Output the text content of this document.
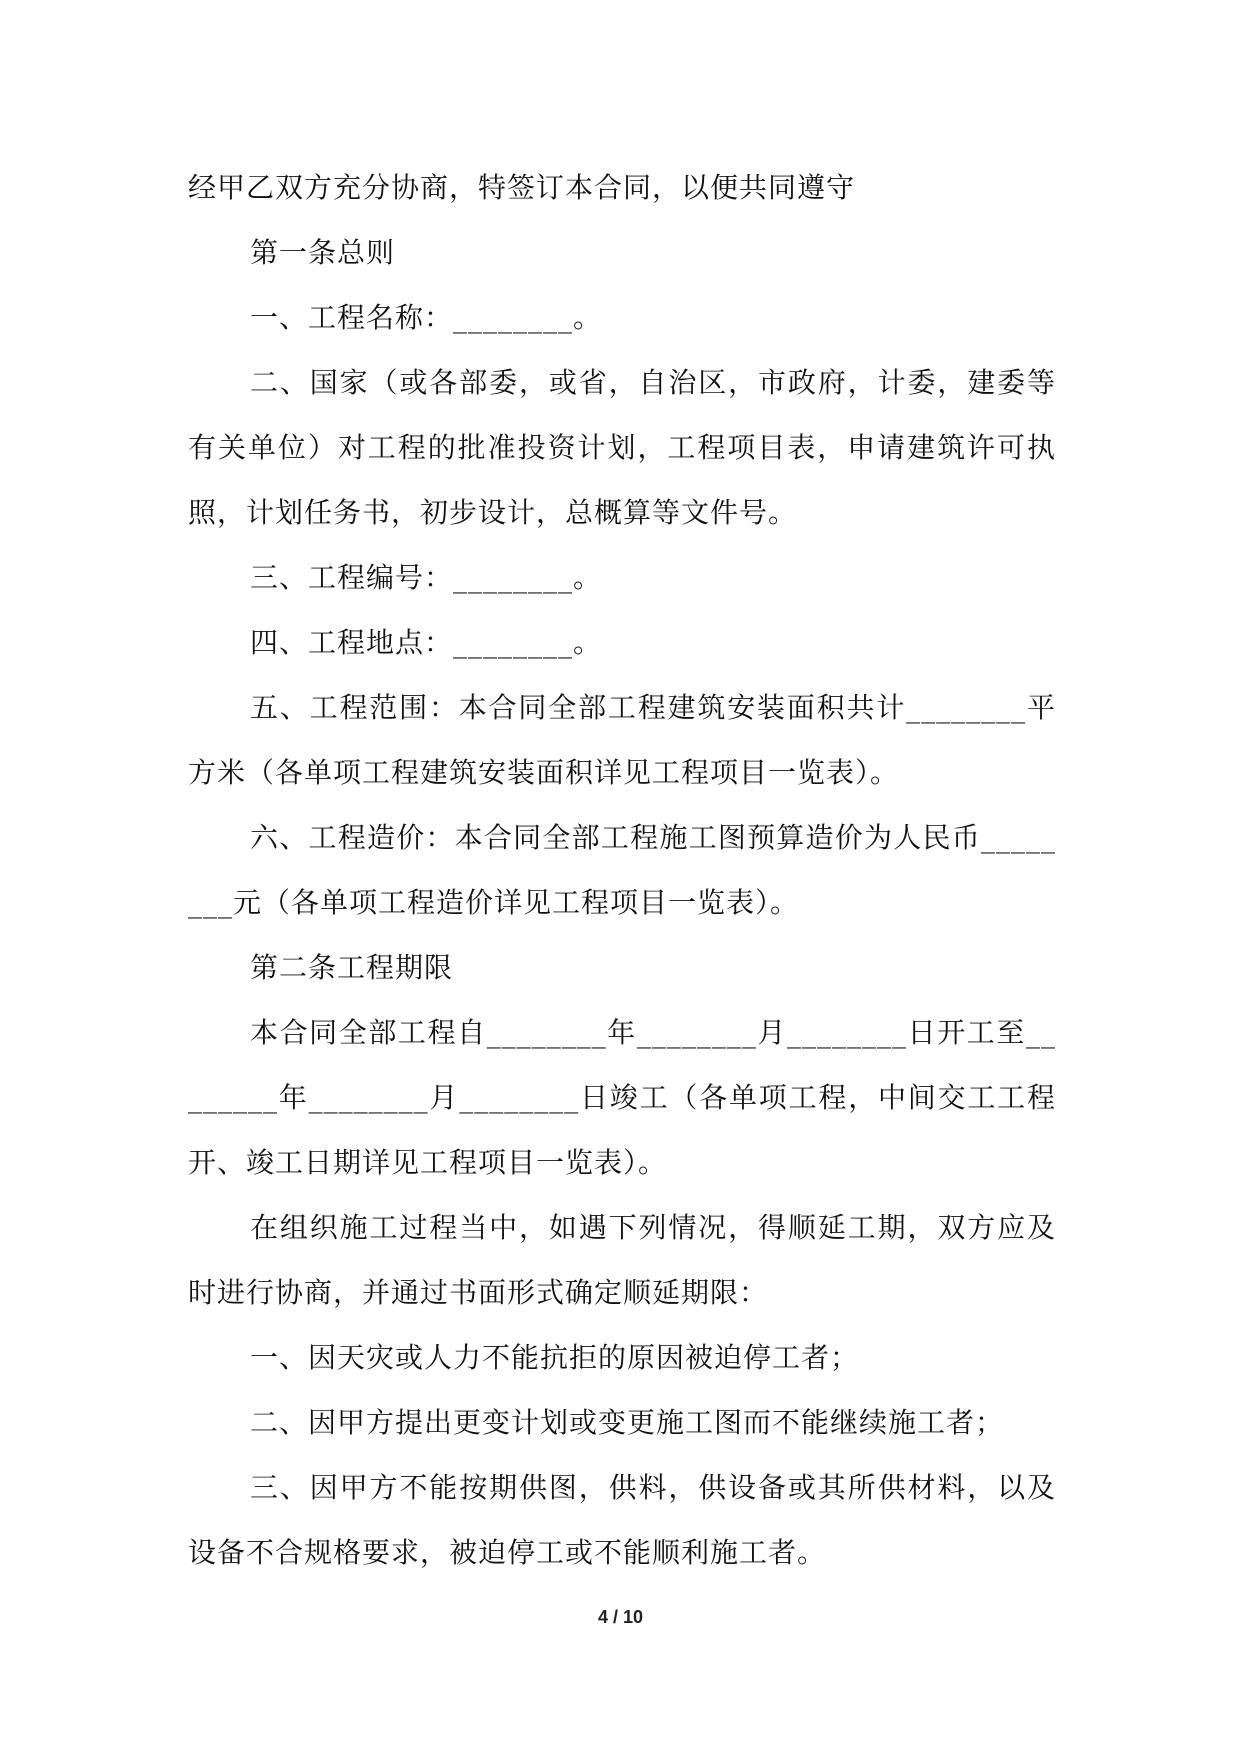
经甲乙双方充分协商，特签订本合同，以便共同遵守

第一条总则

一、工程名称：________。

二、国家（或各部委，或省，自治区，市政府，计委，建委等有关单位）对工程的批准投资计划，工程项目表，申请建筑许可执照，计划任务书，初步设计，总概算等文件号。

三、工程编号：________。

四、工程地点：________。

五、工程范围：本合同全部工程建筑安装面积共计________平方米（各单项工程建筑安装面积详见工程项目一览表）。

六、工程造价：本合同全部工程施工图预算造价为人民币________元（各单项工程造价详见工程项目一览表）。

第二条工程期限

本合同全部工程自________年________月________日开工至________年________月________日竣工（各单项工程，中间交工工程开、竣工日期详见工程项目一览表）。

在组织施工过程当中，如遇下列情况，得顺延工期，双方应及时进行协商，并通过书面形式确定顺延期限：

一、因天灾或人力不能抗拒的原因被迫停工者；

二、因甲方提出更变计划或变更施工图而不能继续施工者；

三、因甲方不能按期供图，供料，供设备或其所供材料，以及设备不合规格要求，被迫停工或不能顺利施工者。

4 / 10
